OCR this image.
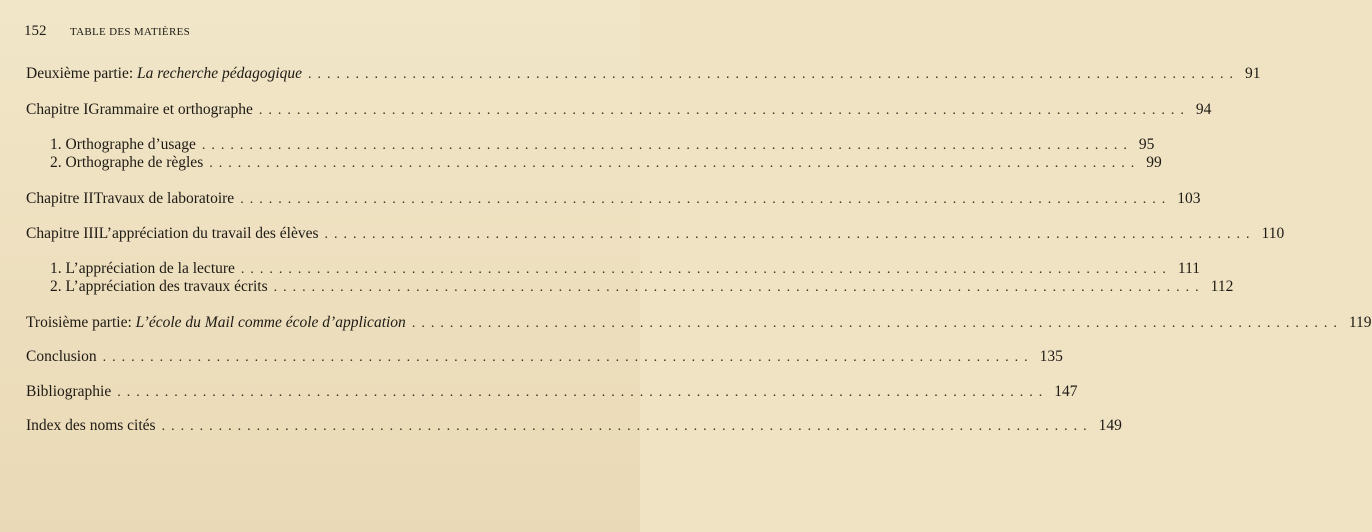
152 TABLE DES MATIÈRES
Deuxième partie:
La recherche pédagogique .................................................................................................. 91
Chapitre I Grammaire et orthographe .................................................................................................. 94
1. Orthographe d’usage .................................................................................................. 95
2. Orthographe de règles .................................................................................................. 99
Chapitre II Travaux de laboratoire .................................................................................................. 103
Chapitre III L’appréciation du travail des élèves .................................................................................................. 110
1. L’appréciation de la lecture .................................................................................................. 111
2. L’appréciation des travaux écrits .................................................................................................. 112
Troisième partie:
L’école du Mail comme école d’application .................................................................................................. 119
Conclusion .................................................................................................. 135
Bibliographie .................................................................................................. 147
Index des noms cités .................................................................................................. 149
